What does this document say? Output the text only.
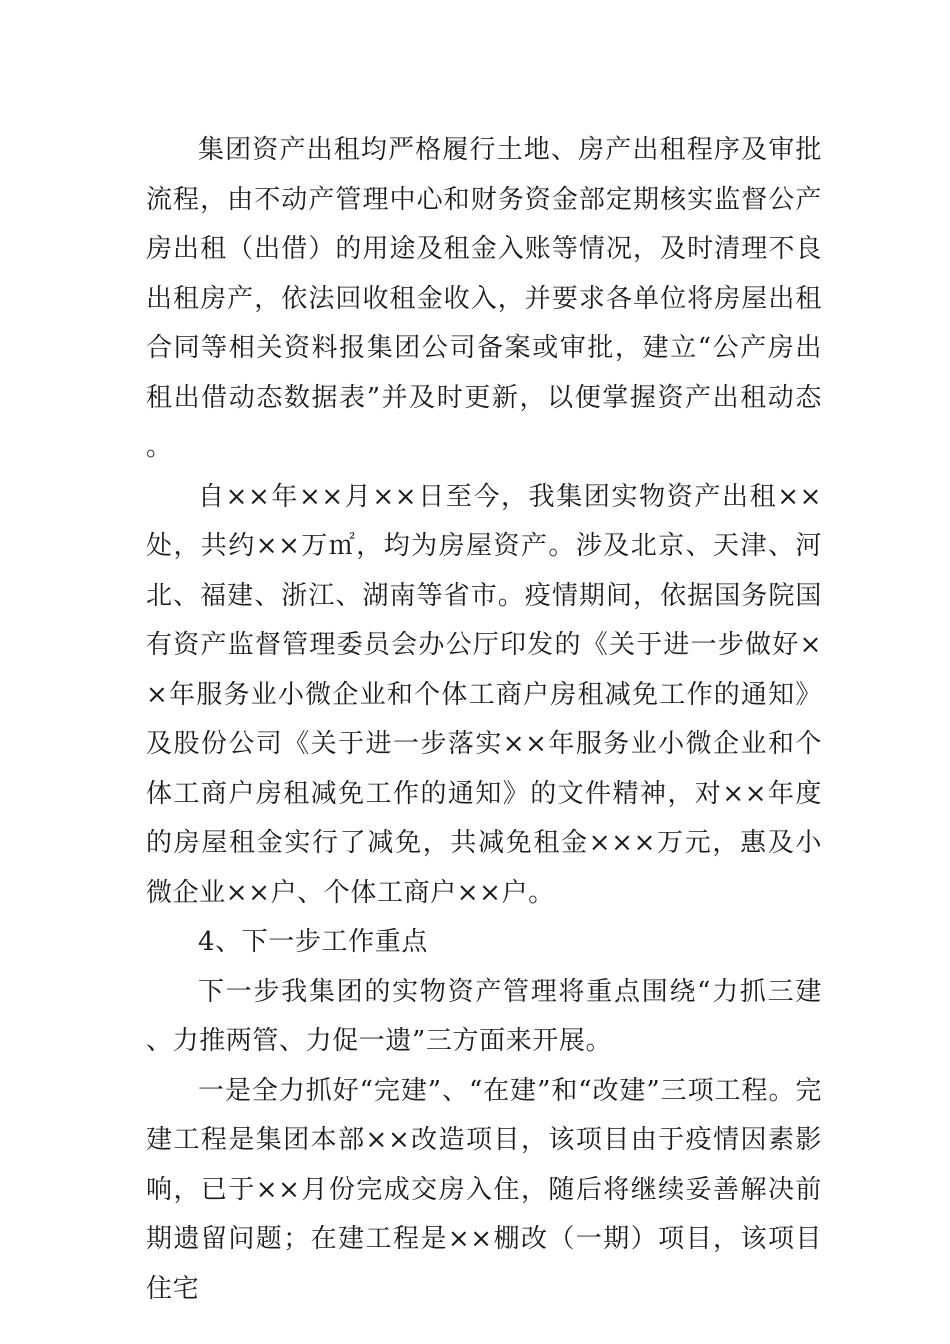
集团资产出租均严格履行土地、房产出租程序及审批流程，由不动产管理中心和财务资金部定期核实监督公产房出租（出借）的用途及租金入账等情况，及时清理不良出租房产，依法回收租金收入，并要求各单位将房屋出租合同等相关资料报集团公司备案或审批，建立“公产房出租出借动态数据表”并及时更新，以便掌握资产出租动态。

自××年××月××日至今，我集团实物资产出租××处，共约××万㎡，均为房屋资产。涉及北京、天津、河北、福建、浙江、湖南等省市。疫情期间，依据国务院国有资产监督管理委员会办公厅印发的《关于进一步做好××年服务业小微企业和个体工商户房租减免工作的通知》及股份公司《关于进一步落实××年服务业小微企业和个体工商户房租减免工作的通知》的文件精神，对××年度的房屋租金实行了减免，共减免租金×××万元，惠及小微企业××户、个体工商户××户。

4、下一步工作重点

下一步我集团的实物资产管理将重点围绕“力抓三建、力推两管、力促一遗”三方面来开展。

一是全力抓好“完建”、“在建”和“改建”三项工程。完建工程是集团本部××改造项目，该项目由于疫情因素影响，已于××月份完成交房入住，随后将继续妥善解决前期遗留问题；在建工程是××棚改（一期）项目，该项目住宅
